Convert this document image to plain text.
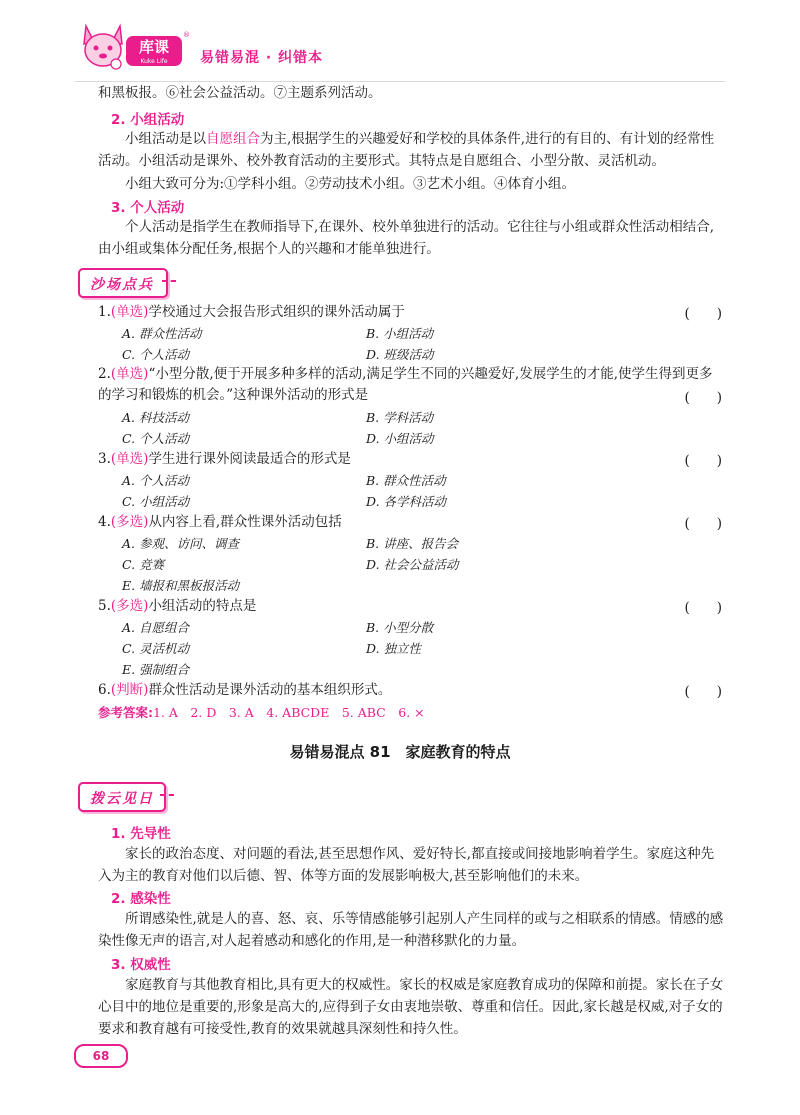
库课
Kuke Life
®
易错易混 · 纠错本
和黑板报。⑥社会公益活动。⑦主题系列活动。
2. 小组活动
小组活动是以自愿组合为主,根据学生的兴趣爱好和学校的具体条件,进行的有目的、有计划的经常性活动。小组活动是课外、校外教育活动的主要形式。其特点是自愿组合、小型分散、灵活机动。
小组大致可分为:①学科小组。②劳动技术小组。③艺术小组。④体育小组。
3. 个人活动
个人活动是指学生在教师指导下,在课外、校外单独进行的活动。它往往与小组或群众性活动相结合,由小组或集体分配任务,根据个人的兴趣和才能单独进行。
沙场点兵
1.(单选)学校通过大会报告形式组织的课外活动属于	(　　)
A. 群众性活动	B. 小组活动
C. 个人活动	D. 班级活动
2.(单选)“小型分散,便于开展多种多样的活动,满足学生不同的兴趣爱好,发展学生的才能,使学生得到更多的学习和锻炼的机会。”这种课外活动的形式是	(　　)
A. 科技活动	B. 学科活动
C. 个人活动	D. 小组活动
3.(单选)学生进行课外阅读最适合的形式是	(　　)
A. 个人活动	B. 群众性活动
C. 小组活动	D. 各学科活动
4.(多选)从内容上看,群众性课外活动包括	(　　)
A. 参观、访问、调查	B. 讲座、报告会
C. 竞赛	D. 社会公益活动
E. 墙报和黑板报活动
5.(多选)小组活动的特点是	(　　)
A. 自愿组合	B. 小型分散
C. 灵活机动	D. 独立性
E. 强制组合
6.(判断)群众性活动是课外活动的基本组织形式。	(　　)
参考答案:1. A　2. D　3. A　4. ABCDE　5. ABC　6. ×
易错易混点 81　家庭教育的特点
拨云见日
1. 先导性
家长的政治态度、对问题的看法,甚至思想作风、爱好特长,都直接或间接地影响着学生。家庭这种先入为主的教育对他们以后德、智、体等方面的发展影响极大,甚至影响他们的未来。
2. 感染性
所谓感染性,就是人的喜、怒、哀、乐等情感能够引起别人产生同样的或与之相联系的情感。情感的感染性像无声的语言,对人起着感动和感化的作用,是一种潜移默化的力量。
3. 权威性
家庭教育与其他教育相比,具有更大的权威性。家长的权威是家庭教育成功的保障和前提。家长在子女心目中的地位是重要的,形象是高大的,应得到子女由衷地崇敬、尊重和信任。因此,家长越是权威,对子女的要求和教育越有可接受性,教育的效果就越具深刻性和持久性。
68
